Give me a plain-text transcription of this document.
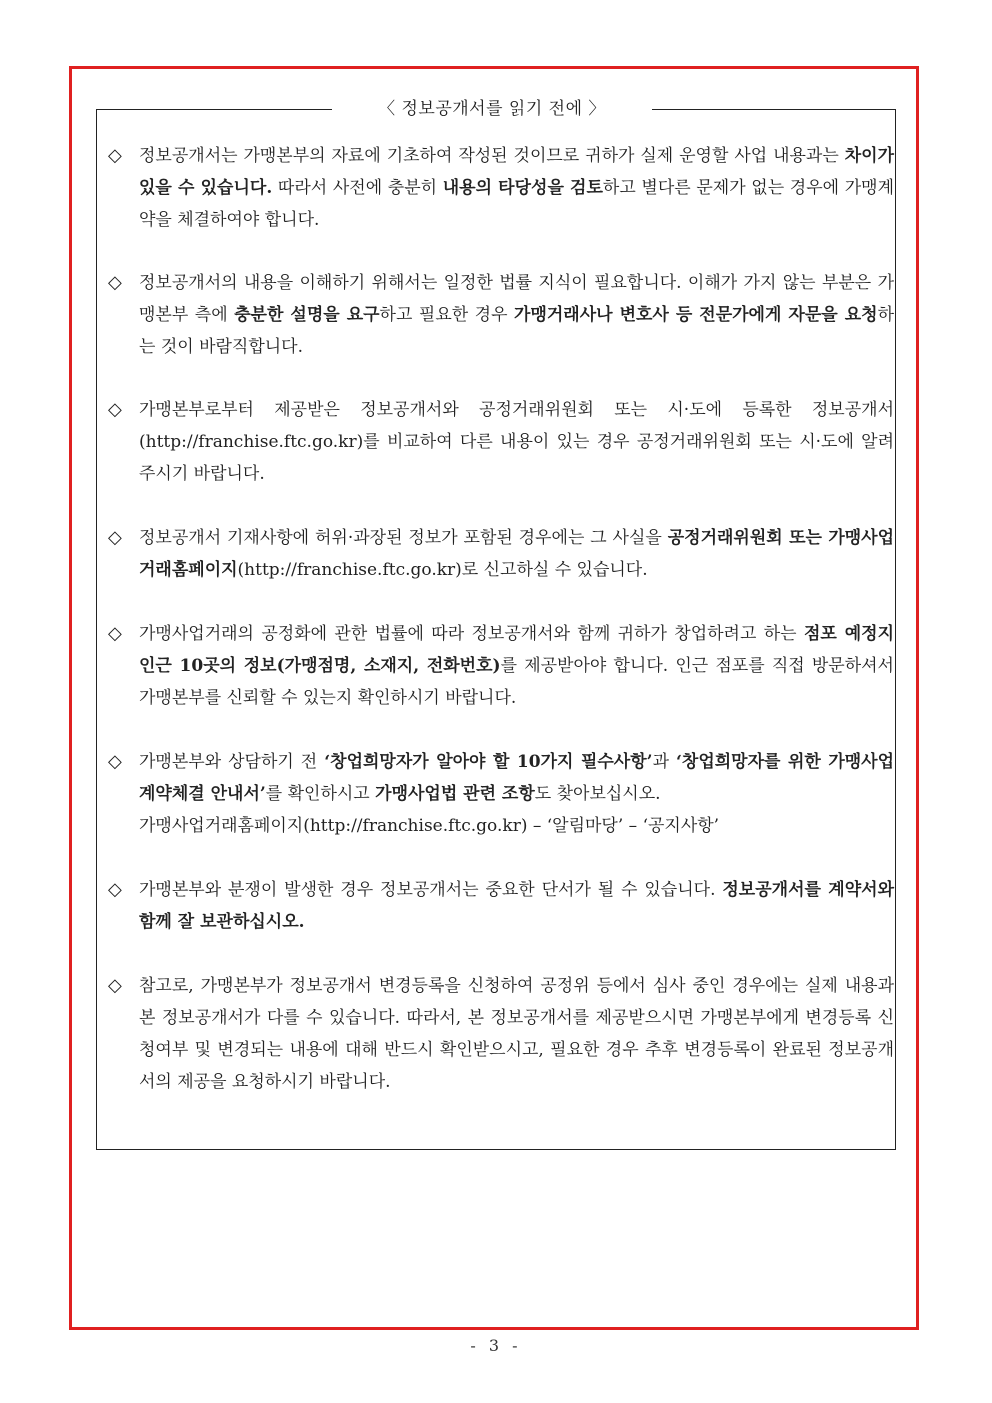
〈 정보공개서를 읽기 전에 〉
◇	정보공개서는 가맹본부의 자료에 기초하여 작성된 것이므로 귀하가 실제 운영할 사업 내용과는 차이가 있을 수 있습니다. 따라서 사전에 충분히 내용의 타당성을 검토하고 별다른 문제가 없는 경우에 가맹계약을 체결하여야 합니다.
◇	정보공개서의 내용을 이해하기 위해서는 일정한 법률 지식이 필요합니다. 이해가 가지 않는 부분은 가맹본부 측에 충분한 설명을 요구하고 필요한 경우 가맹거래사나 변호사 등 전문가에게 자문을 요청하는 것이 바람직합니다.
◇	가맹본부로부터 제공받은 정보공개서와 공정거래위원회 또는 시·도에 등록한 정보공개서(http://franchise.ftc.go.kr)를 비교하여 다른 내용이 있는 경우 공정거래위원회 또는 시·도에 알려 주시기 바랍니다.
◇	정보공개서 기재사항에 허위·과장된 정보가 포함된 경우에는 그 사실을 공정거래위원회 또는 가맹사업거래홈페이지(http://franchise.ftc.go.kr)로 신고하실 수 있습니다.
◇	가맹사업거래의 공정화에 관한 법률에 따라 정보공개서와 함께 귀하가 창업하려고 하는 점포 예정지 인근 10곳의 정보(가맹점명, 소재지, 전화번호)를 제공받아야 합니다. 인근 점포를 직접 방문하셔서 가맹본부를 신뢰할 수 있는지 확인하시기 바랍니다.
◇	가맹본부와 상담하기 전 ‘창업희망자가 알아야 할 10가지 필수사항’과 ‘창업희망자를 위한 가맹사업 계약체결 안내서’를 확인하시고 가맹사업법 관련 조항도 찾아보십시오.
가맹사업거래홈페이지(http://franchise.ftc.go.kr) – ‘알림마당’ – ‘공지사항’
◇	가맹본부와 분쟁이 발생한 경우 정보공개서는 중요한 단서가 될 수 있습니다. 정보공개서를 계약서와 함께 잘 보관하십시오.
◇	참고로, 가맹본부가 정보공개서 변경등록을 신청하여 공정위 등에서 심사 중인 경우에는 실제 내용과 본 정보공개서가 다를 수 있습니다. 따라서, 본 정보공개서를 제공받으시면 가맹본부에게 변경등록 신청여부 및 변경되는 내용에 대해 반드시 확인받으시고, 필요한 경우 추후 변경등록이 완료된 정보공개서의 제공을 요청하시기 바랍니다.
- 3 -
